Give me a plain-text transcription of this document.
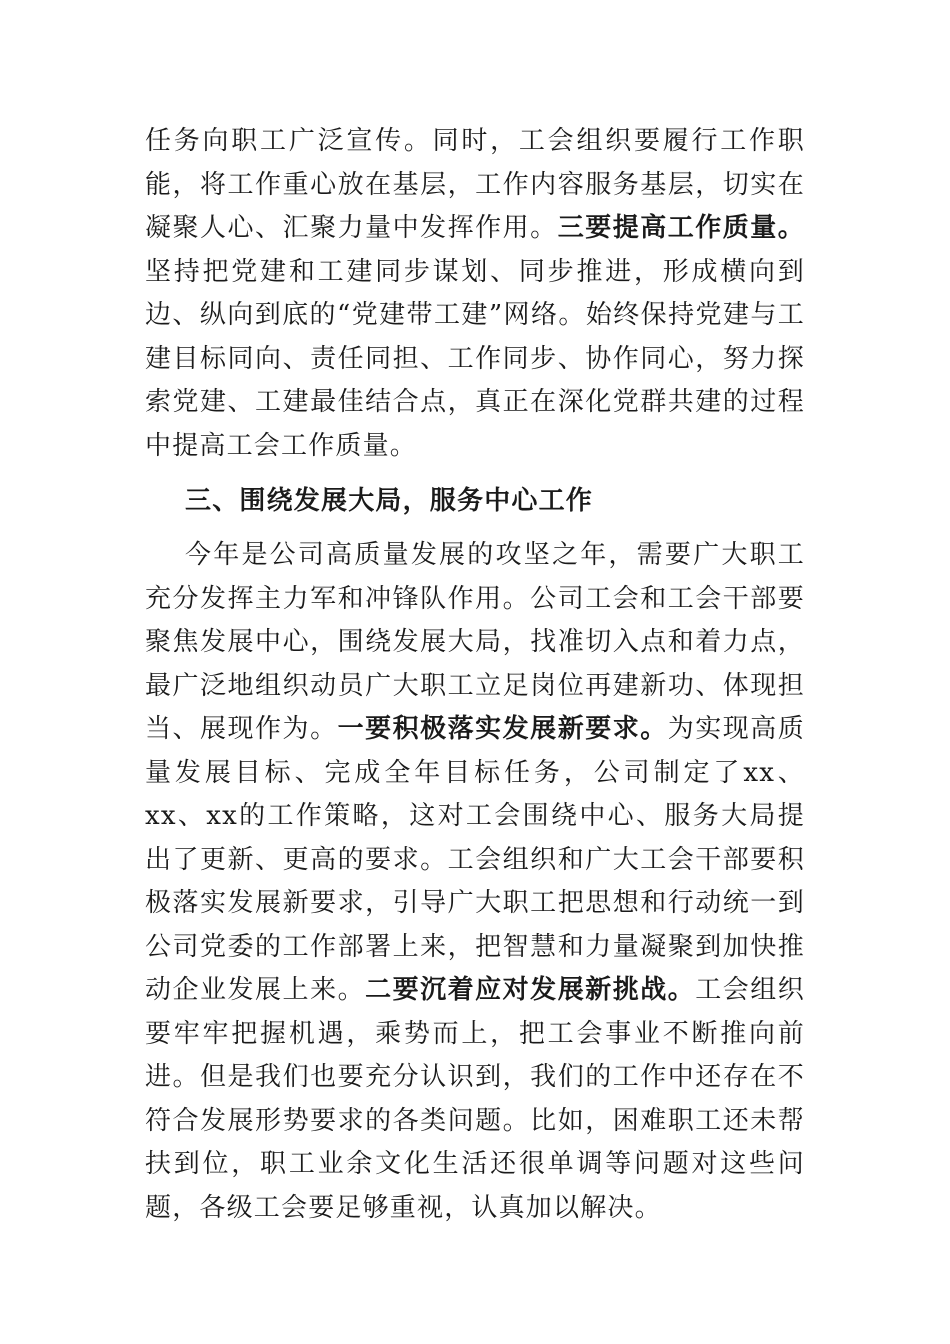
任务向职工广泛宣传。同时，工会组织要履行工作职能，将工作重心放在基层，工作内容服务基层，切实在凝聚人心、汇聚力量中发挥作用。三要提高工作质量。坚持把党建和工建同步谋划、同步推进，形成横向到边、纵向到底的“党建带工建”网络。始终保持党建与工建目标同向、责任同担、工作同步、协作同心，努力探索党建、工建最佳结合点，真正在深化党群共建的过程中提高工会工作质量。

三、围绕发展大局，服务中心工作

今年是公司高质量发展的攻坚之年，需要广大职工充分发挥主力军和冲锋队作用。公司工会和工会干部要聚焦发展中心，围绕发展大局，找准切入点和着力点，最广泛地组织动员广大职工立足岗位再建新功、体现担当、展现作为。一要积极落实发展新要求。为实现高质量发展目标、完成全年目标任务，公司制定了xx、xx、xx的工作策略，这对工会围绕中心、服务大局提出了更新、更高的要求。工会组织和广大工会干部要积极落实发展新要求，引导广大职工把思想和行动统一到公司党委的工作部署上来，把智慧和力量凝聚到加快推动企业发展上来。二要沉着应对发展新挑战。工会组织要牢牢把握机遇，乘势而上，把工会事业不断推向前进。但是我们也要充分认识到，我们的工作中还存在不符合发展形势要求的各类问题。比如，困难职工还未帮扶到位，职工业余文化生活还很单调等问题对这些问题，各级工会要足够重视，认真加以解决。
